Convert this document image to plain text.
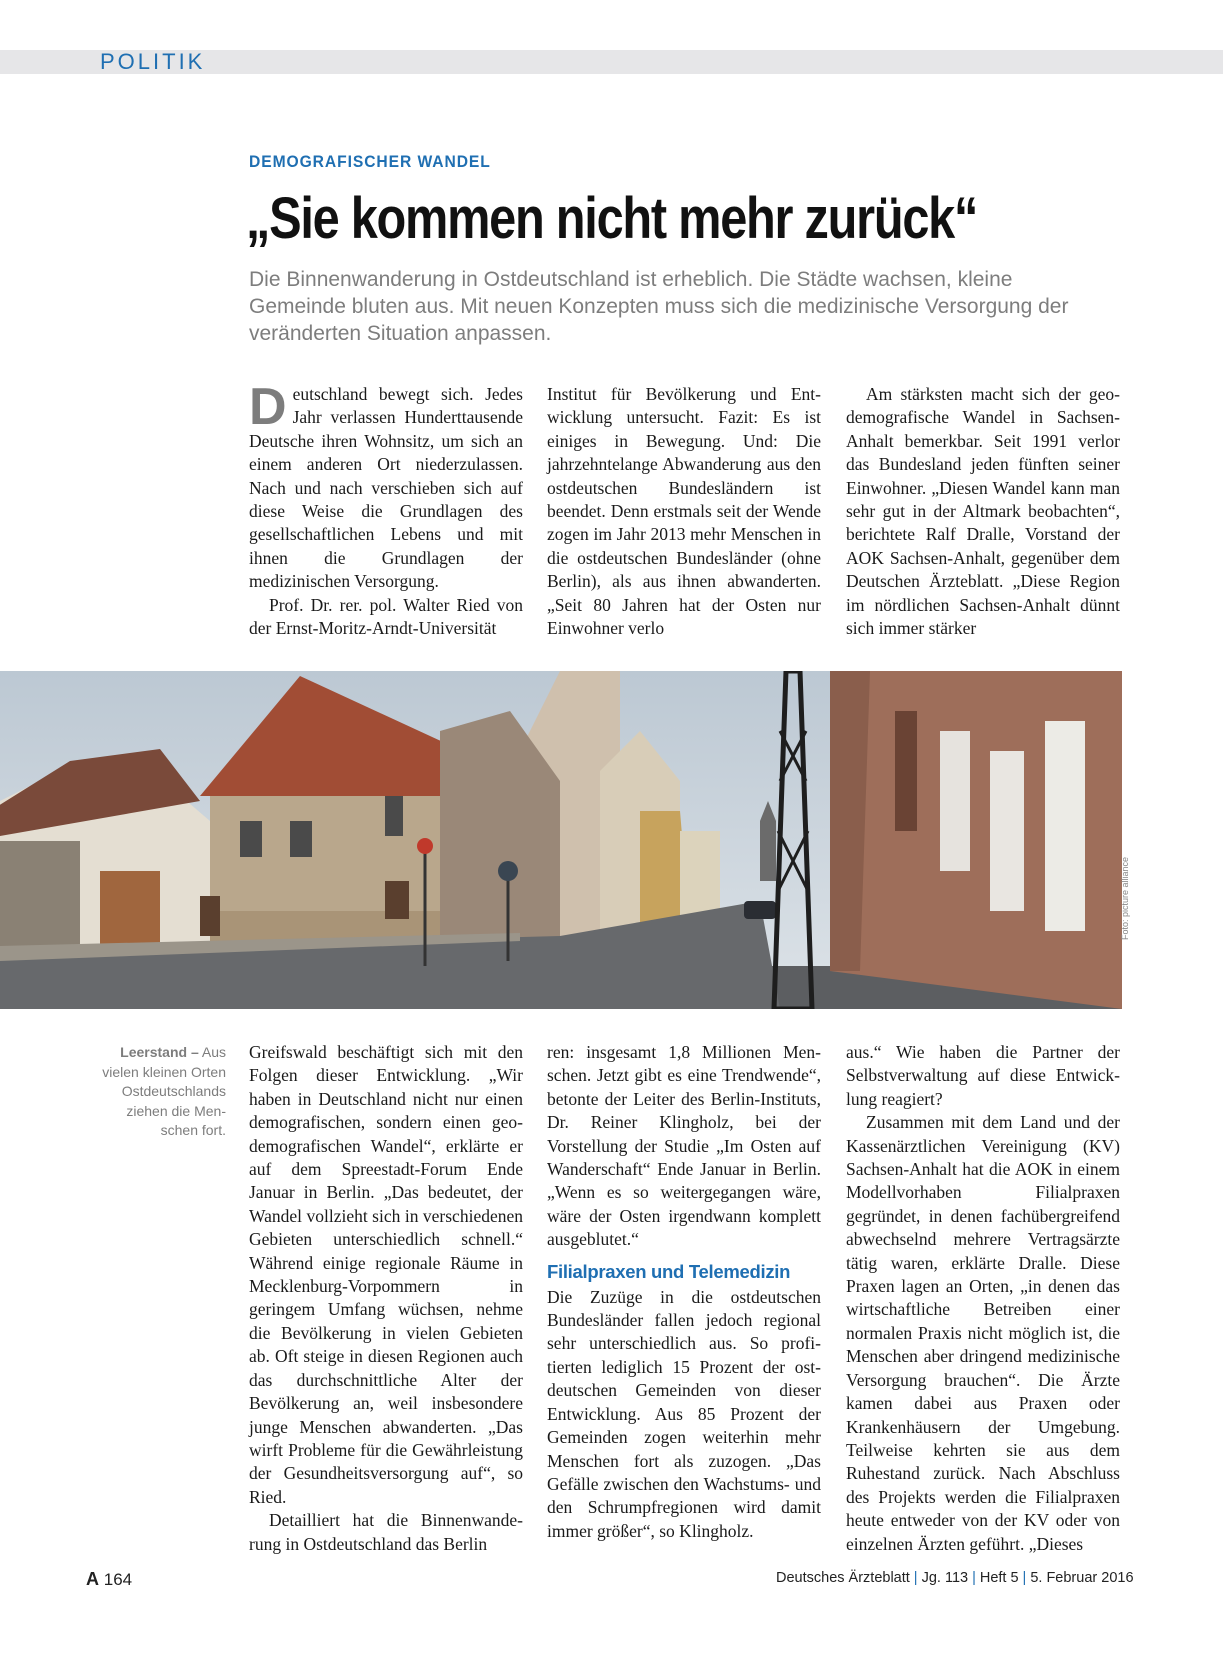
POLITIK
DEMOGRAFISCHER WANDEL
„Sie kommen nicht mehr zurück“

Die Binnenwanderung in Ostdeutschland ist erheblich. Die Städte wachsen, kleine Gemeinde bluten aus. Mit neuen Konzepten muss sich die medizinische Versorgung der veränderten Situation anpassen.

Deutschland bewegt sich. Jedes Jahr verlassen Hunderttausende Deutsche ihren Wohnsitz, um sich an einem anderen Ort niederzulassen. Nach und nach verschieben sich auf diese Weise die Grundlagen des gesellschaftlichen Lebens und mit ihnen die Grundlagen der medizinischen Versorgung.

Prof. Dr. rer. pol. Walter Ried von der Ernst-Moritz-Arndt-Universität

Institut für Bevölkerung und Entwicklung untersucht. Fazit: Es ist einiges in Bewegung. Und: Die jahrzehntelange Abwanderung aus den ostdeutschen Bundesländern ist beendet. Denn erstmals seit der Wende zogen im Jahr 2013 mehr Menschen in die ostdeutschen Bundesländer (ohne Berlin), als aus ihnen abwanderten. „Seit 80 Jahren hat der Osten nur Einwohner verlo

Am stärksten macht sich der geodemografische Wandel in Sachsen-Anhalt bemerkbar. Seit 1991 verlor das Bundesland jeden fünften seiner Einwohner. „Diesen Wandel kann man sehr gut in der Altmark beobachten“, berichtete Ralf Dralle, Vorstand der AOK Sachsen-Anhalt, gegenüber dem Deutschen Ärzteblatt. „Diese Region im nördlichen Sachsen-Anhalt dünnt sich immer stärker

Foto: picture alliance
Leerstand – Aus vielen kleinen Orten Ostdeutschlands ziehen die Menschen fort.

Greifswald beschäftigt sich mit den Folgen dieser Entwicklung. „Wir haben in Deutschland nicht nur einen demografischen, sondern einen geo-demografischen Wandel“, erklärte er auf dem Spreestadt-Forum Ende Januar in Berlin. „Das bedeutet, der Wandel vollzieht sich in verschiedenen Gebieten unterschiedlich schnell.“ Während einige regionale Räume in Mecklenburg-Vorpommern in geringem Umfang wüchsen, nehme die Bevölkerung in vielen Gebieten ab. Oft steige in diesen Regionen auch das durchschnittliche Alter der Bevölkerung an, weil insbesondere junge Menschen abwanderten. „Das wirft Probleme für die Gewährleistung der Gesundheitsversorgung auf“, so Ried.

Detailliert hat die Binnenwanderung in Ostdeutschland das Berlin

ren: insgesamt 1,8 Millionen Menschen. Jetzt gibt es eine Trendwende“, betonte der Leiter des Berlin-Instituts, Dr. Reiner Klingholz, bei der Vorstellung der Studie „Im Osten auf Wanderschaft“ Ende Januar in Berlin. „Wenn es so weitergegangen wäre, wäre der Osten irgendwann komplett ausgeblutet.“

Filialpraxen und Telemedizin

Die Zuzüge in die ostdeutschen Bundesländer fallen jedoch regional sehr unterschiedlich aus. So profitierten lediglich 15 Prozent der ostdeutschen Gemeinden von dieser Entwicklung. Aus 85 Prozent der Gemeinden zogen weiterhin mehr Menschen fort als zuzogen. „Das Gefälle zwischen den Wachstums- und den Schrumpfregionen wird damit immer größer“, so Klingholz.

aus.“ Wie haben die Partner der Selbstverwaltung auf diese Entwicklung reagiert?

Zusammen mit dem Land und der Kassenärztlichen Vereinigung (KV) Sachsen-Anhalt hat die AOK in einem Modellvorhaben Filialpraxen gegründet, in denen fachübergreifend abwechselnd mehrere Vertragsärzte tätig waren, erklärte Dralle. Diese Praxen lagen an Orten, „in denen das wirtschaftliche Betreiben einer normalen Praxis nicht möglich ist, die Menschen aber dringend medizinische Versorgung brauchen“. Die Ärzte kamen dabei aus Praxen oder Krankenhäusern der Umgebung. Teilweise kehrten sie aus dem Ruhestand zurück. Nach Abschluss des Projekts werden die Filialpraxen heute entweder von der KV oder von einzelnen Ärzten geführt. „Dieses

A 164	Deutsches Ärzteblatt | Jg. 113 | Heft 5 | 5. Februar 2016
